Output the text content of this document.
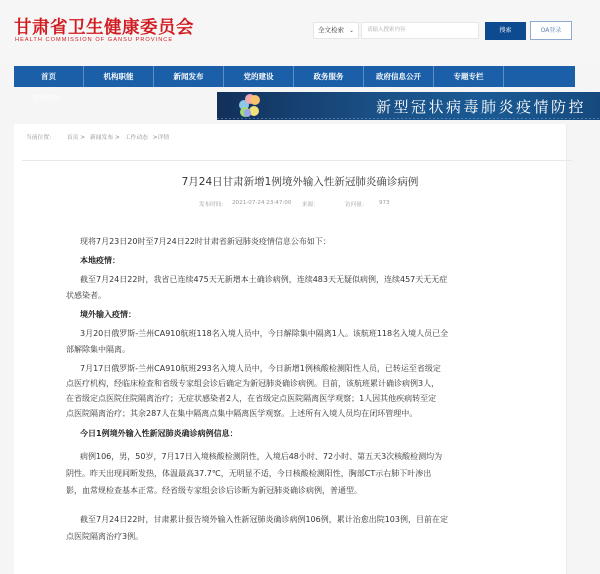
甘肃省卫生健康委员会
HEALTH COMMISSION OF GANSU PROVINCE
全文检索 ⌄	请输入搜索内容	搜索	OA登录
首页	机构职能	新闻发布	党的建设	政务服务	政府信息公开	专题专栏
疫情防控	新型冠状病毒肺炎疫情防控
当前位置： 首页 > 新闻发布 > 工作动态 >详情
7月24日甘肃新增1例境外输入性新冠肺炎确诊病例
发布时间： 2021-07-24 23:47:00 来源：	访问量： 973
现将7月23日20时至7月24日22时甘肃省新冠肺炎疫情信息公布如下：
本地疫情：
截至7月24日22时，我省已连续475天无新增本土确诊病例，连续483天无疑似病例，连续457天无无症
状感染者。
境外输入疫情：
3月20日俄罗斯-兰州CA910航班118名入境人员中，今日解除集中隔离1人。该航班118名入境人员已全
部解除集中隔离。
7月17日俄罗斯-兰州CA910航班293名入境人员中，今日新增1例核酸检测阳性人员，已转运至省级定
点医疗机构，经临床检查和省级专家组会诊后确定为新冠肺炎确诊病例。目前，该航班累计确诊病例3人，
在省级定点医院住院隔离治疗；无症状感染者2人，在省级定点医院隔离医学观察；1人因其他疾病转至定
点医院隔离治疗；其余287人在集中隔离点集中隔离医学观察。上述所有入境人员均在闭环管理中。
今日1例境外输入性新冠肺炎确诊病例信息：
病例106，男，50岁，7月17日入境核酸检测阴性，入境后48小时、72小时、第五天3次核酸检测均为
阴性。昨天出现间断发热，体温最高37.7℃，无明显不适，今日核酸检测阳性，胸部CT示右肺下叶渗出
影，血常规检查基本正常。经省级专家组会诊后诊断为新冠肺炎确诊病例，普通型。
截至7月24日22时，甘肃累计报告境外输入性新冠肺炎确诊病例106例，累计治愈出院103例，目前在定
点医院隔离治疗3例。
